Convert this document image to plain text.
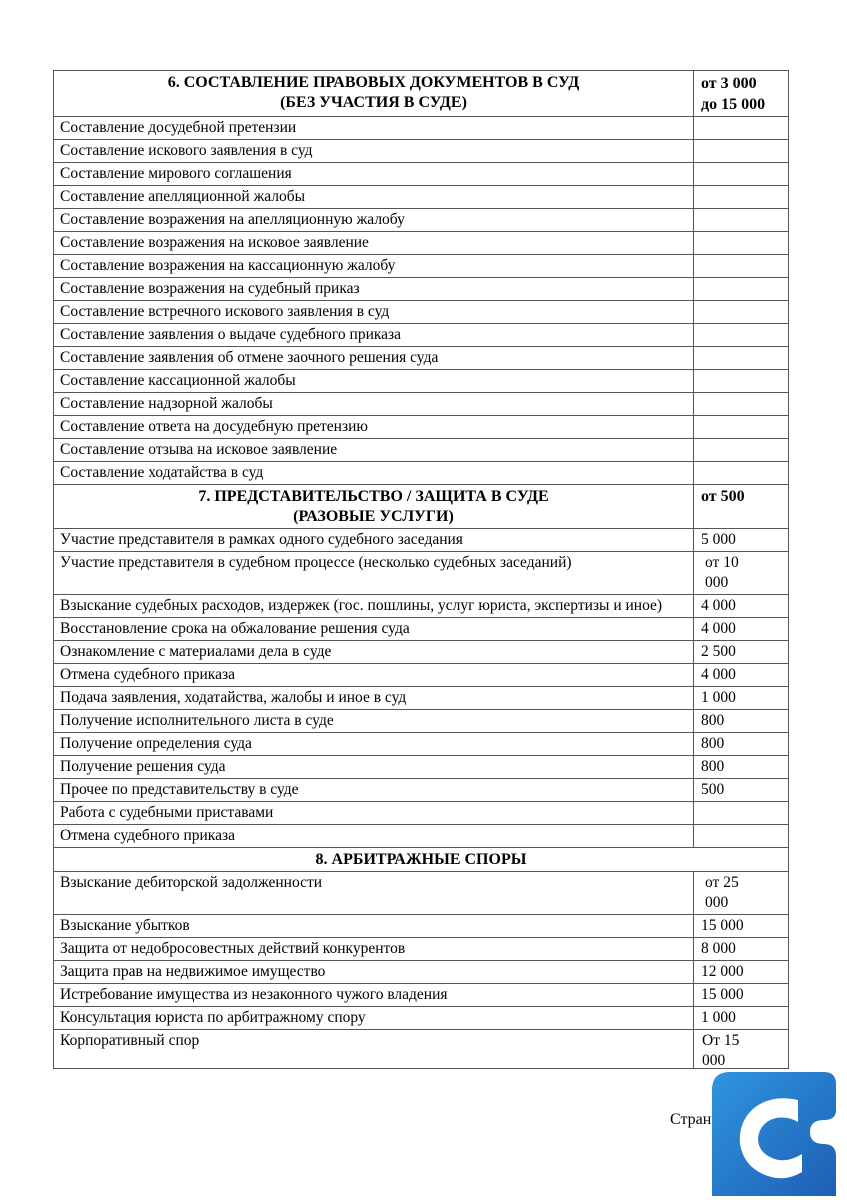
6. СОСТАВЛЕНИЕ ПРАВОВЫХ ДОКУМЕНТОВ В СУД
(БЕЗ УЧАСТИЯ В СУДЕ)	от 3 000 до 15 000
Составление досудебной претензии	
Составление искового заявления в суд	
Составление мирового соглашения	
Составление апелляционной жалобы	
Составление возражения на апелляционную жалобу	
Составление возражения на исковое заявление	
Составление возражения на кассационную жалобу	
Составление возражения на судебный приказ	
Составление встречного искового заявления в суд	
Составление заявления о выдаче судебного приказа	
Составление заявления об отмене заочного решения суда	
Составление кассационной жалобы	
Составление надзорной жалобы	
Составление ответа на досудебную претензию	
Составление отзыва на исковое заявление	
Составление ходатайства в суд	

7. ПРЕДСТАВИТЕЛЬСТВО / ЗАЩИТА В СУДЕ
(РАЗОВЫЕ УСЛУГИ)	от 500
Участие представителя в рамках одного судебного заседания	5 000
Участие представителя в судебном процессе (несколько судебных заседаний)	от 10 000
Взыскание судебных расходов, издержек (гос. пошлины, услуг юриста, экспертизы и иное)	4 000
Восстановление срока на обжалование решения суда	4 000
Ознакомление с материалами дела в суде	2 500
Отмена судебного приказа	4 000
Подача заявления, ходатайства, жалобы и иное в суд	1 000
Получение исполнительного листа в суде	800
Получение определения суда	800
Получение решения суда	800
Прочее по представительству в суде	500
Работа с судебными приставами	
Отмена судебного приказа	

8. АРБИТРАЖНЫЕ СПОРЫ	

Взыскание дебиторской задолженности	от 25 000
Взыскание убытков	15 000
Защита от недобросовестных действий конкурентов	8 000
Защита прав на недвижимое имущество	12 000
Истребование имущества из незаконного чужого владения	15 000
Консультация юриста по арбитражному спору	1 000
Корпоративный спор	От 15 000
Стран
